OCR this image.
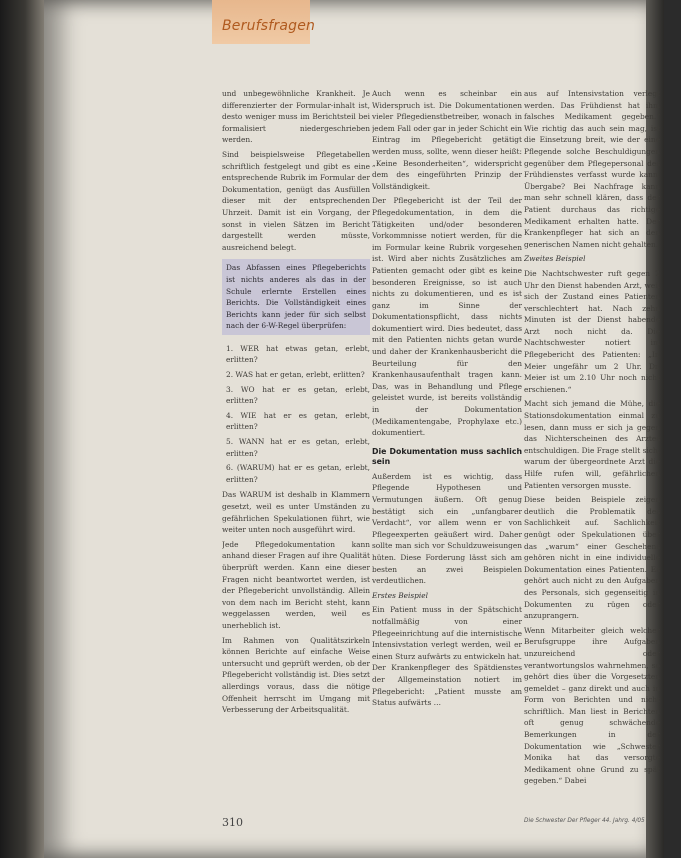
Berufsfragen

und unbegewöhnliche Krankheit. Je differenzierter der Formular-inhalt ist, desto weniger muss im Berichtsteil bei formalisiert niedergeschrieben werden.

Sind beispielsweise Pflegetabellen schriftlich festgelegt und gibt es eine entsprechende Rubrik im Formular der Dokumentation, genügt das Ausfüllen dieser mit der entsprechenden Uhrzeit. Damit ist ein Vorgang, der sonst in vielen Sätzen im Bericht dargestellt werden müsste, ausreichend belegt.

Das Abfassen eines Pflegeberichts ist nichts anderes als das in der Schule erlernte Erstellen eines Berichts. Die Vollständigkeit eines Berichts kann jeder für sich selbst nach der 6-W-Regel überprüfen:
1. WER hat etwas getan, erlebt, erlitten?
2. WAS hat er getan, erlebt, erlitten?
3. WO hat er es getan, erlebt, erlitten?
4. WIE hat er es getan, erlebt, erlitten?
5. WANN hat er es getan, erlebt, erlitten?
6. (WARUM) hat er es getan, erlebt, erlitten?

Das WARUM ist deshalb in Klammern gesetzt, weil es unter Umständen zu gefährlichen Spekulationen führt, wie weiter unten noch ausgeführt wird.

Jede Pflegedokumentation kann anhand dieser Fragen auf ihre Qualität überprüft werden. Kann eine dieser Fragen nicht beantwortet werden, ist der Pflegebericht unvollständig. Allein von dem nach im Bericht steht, kann weggelassen werden, weil es unerheblich ist.

Im Rahmen von Qualitätszirkeln können Berichte auf einfache Weise untersucht und geprüft werden, ob der Pflegebericht vollständig ist. Dies setzt allerdings voraus, dass die nötige Offenheit herrscht im Umgang mit Verbesserung der Arbeitsqualität.

Auch wenn es scheinbar ein Widerspruch ist. Die Dokumentationen vieler Pflegedienstbetreiber, wonach in jedem Fall oder gar in jeder Schicht ein Eintrag im Pflegebericht getätigt werden muss, sollte, wenn dieser heißt: „Keine Besonderheiten“, widerspricht dem des eingeführten Prinzip der Vollständigkeit.

Der Pflegebericht ist der Teil der Pflegedokumentation, in dem die Tätigkeiten und/oder besonderen Vorkommnisse notiert werden, für die im Formular keine Rubrik vorgesehen ist. Wird aber nichts Zusätzliches am Patienten gemacht oder gibt es keine besonderen Ereignisse, so ist auch nichts zu dokumentieren, und es ist ganz im Sinne der Dokumentationspflicht, dass nichts dokumentiert wird. Dies bedeutet, dass mit den Patienten nichts getan wurde und daher der Krankenhausbericht die Beurteilung für den Krankenhausaufenthalt tragen kann. Das, was in Behandlung und Pflege geleistet wurde, ist bereits vollständig in der Dokumentation (Medikamentengabe, Prophylaxe etc.) dokumentiert.

Die Dokumentation muss sachlich sein

Außerdem ist es wichtig, dass Pflegende Hypothesen und Vermutungen äußern. Oft genug bestätigt sich ein „unfangbarer Verdacht“, vor allem wenn er von Pflegeexperten geäußert wird. Daher sollte man sich vor Schuldzuweisungen hüten. Diese Forderung lässt sich am besten an zwei Beispielen verdeutlichen.

Erstes Beispiel

Ein Patient muss in der Spätschicht notfallmäßig von einer Pflegeeinrichtung auf die internistische Intensivstation verlegt werden, weil er einen Sturz aufwärts zu entwickeln hat. Der Krankenpfleger des Spätdienstes der Allgemeinstation notiert im Pflegebericht: „Patient musste am Status aufwärts …

aus auf Intensivstation verlegt werden. Das Frühdienst hat ihm falsches Medikament gegeben.“ Wie richtig das auch sein mag, ist die Einsetzung breit, wie der eine Pflegende solche Beschuldigungen gegenüber dem Pflegepersonal des Frühdienstes verfasst wurde kann. Übergabe? Bei Nachfrage kann man sehr schnell klären, dass der Patient durchaus das richtige Medikament erhalten hatte. Der Krankenpfleger hat sich an den generischen Namen nicht gehalten.

Zweites Beispiel

Die Nachtschwester ruft gegen 2 Uhr den Dienst habenden Arzt, weil sich der Zustand eines Patienten verschlechtert hat. Nach zehn Minuten ist der Dienst habende Arzt noch nicht da. Die Nachtschwester notiert im Pflegebericht des Patienten: „Ir. Meier ungefähr um 2 Uhr. Dr. Meier ist um 2.10 Uhr noch nicht erschienen.“

Macht sich jemand die Mühe, die Stationsdokumentation einmal zu lesen, dann muss er sich ja gegen das Nichterscheinen des Arztes entschuldigen. Die Frage stellt sich, warum der übergeordnete Arzt die Hilfe rufen will, gefährlichen Patienten versorgen musste.

Diese beiden Beispiele zeigen deutlich die Problematik des Sachlichkeit auf. Sachlichkeit genügt oder Spekulationen über das „warum“ einer Geschehens gehören nicht in eine individuelle Dokumentation eines Patienten. Es gehört auch nicht zu den Aufgaben des Personals, sich gegenseitig in Dokumenten zu rügen oder anzuprangern.

Wenn Mitarbeiter gleich welcher Berufsgruppe ihre Aufgaben unzureichend oder verantwortungslos wahrnehmen, so gehört dies über die Vorgesetzten gemeldet – ganz direkt und auch in Form von Berichten und nicht schriftlich. Man liest in Berichten oft genug schwächende Bemerkungen in der Dokumentation wie „Schwester Monika hat das versorgte Medikament ohne Grund zu spät gegeben.“ Dabei

310	Die Schwester Der Pfleger 44. Jahrg. 4/05
